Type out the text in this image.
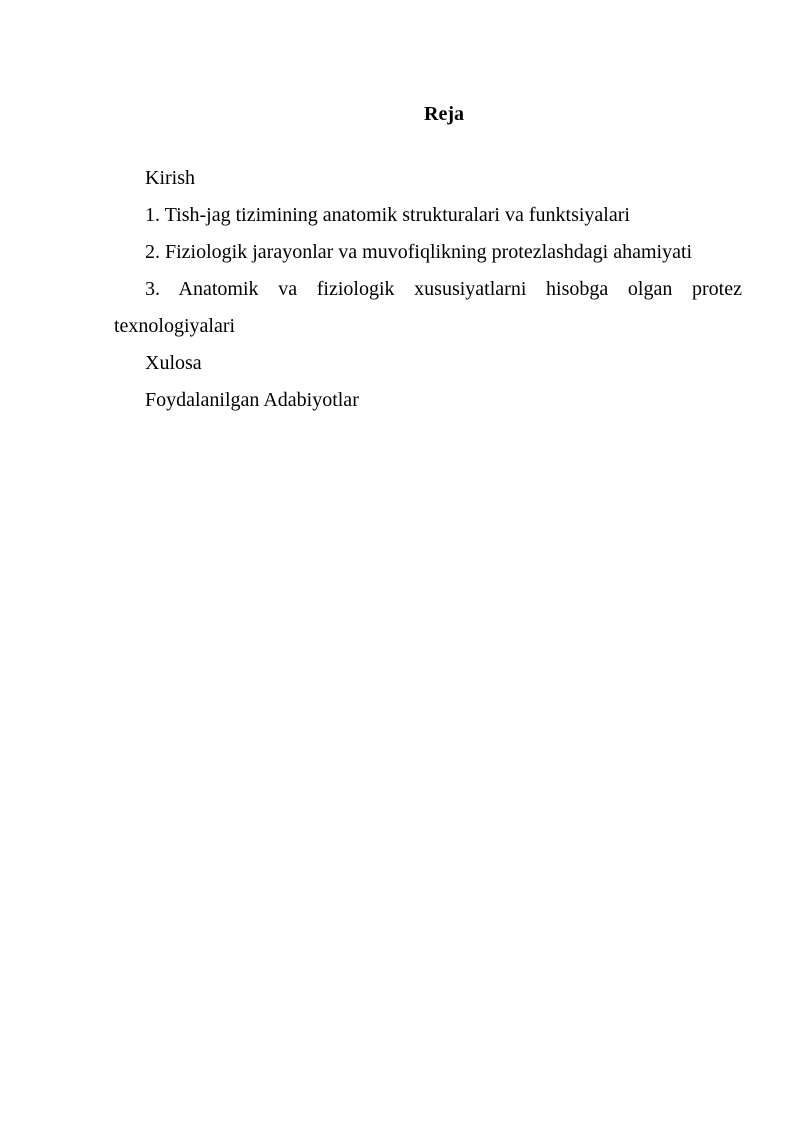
Reja

Kirish

1. Tish-jag tizimining anatomik strukturalari va funktsiyalari

2. Fiziologik jarayonlar va muvofiqlikning protezlashdagi ahamiyati

3. Anatomik va fiziologik xususiyatlarni hisobga olgan protez texnologiyalari

Xulosa

Foydalanilgan Adabiyotlar
